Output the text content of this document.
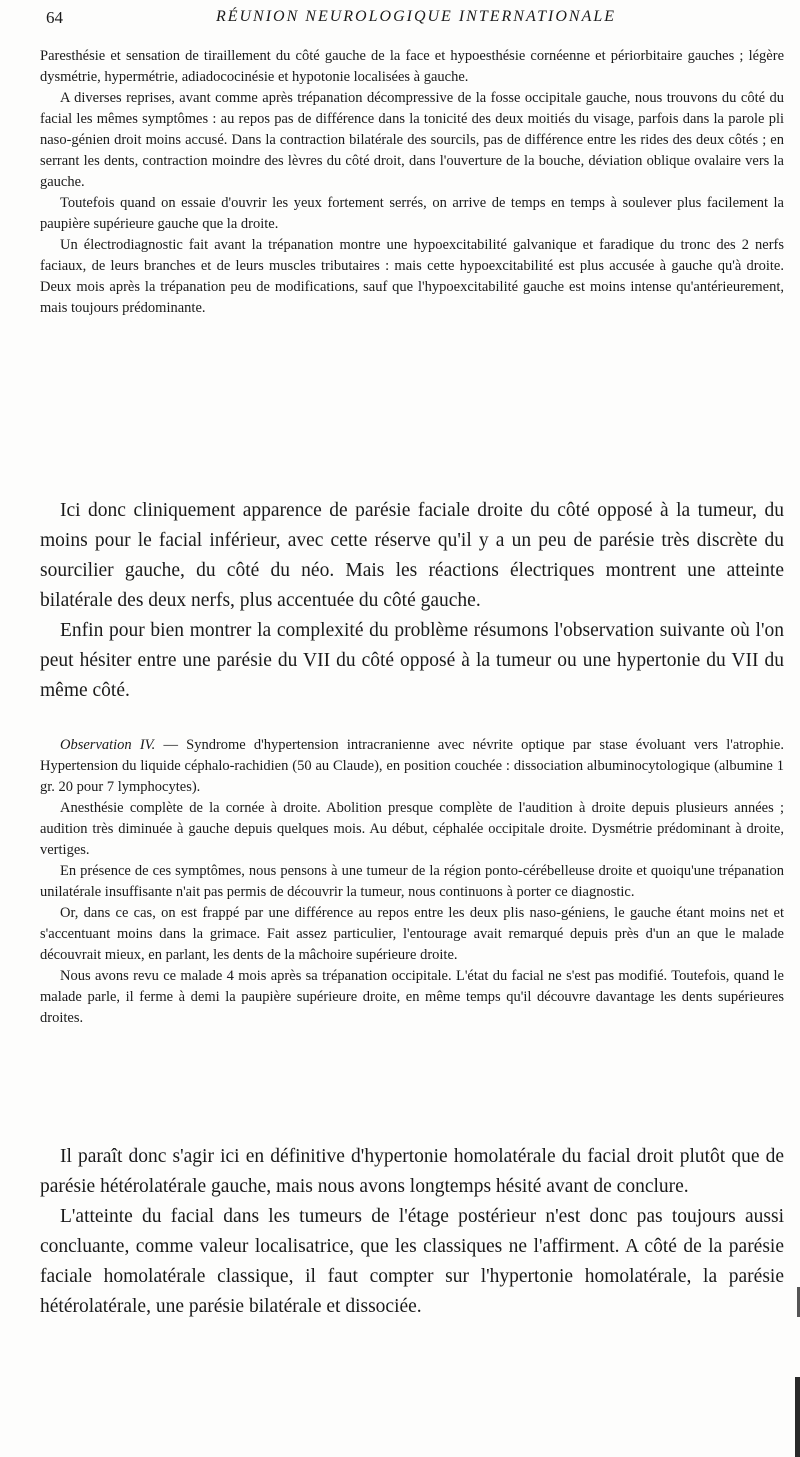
64	RÉUNION NEUROLOGIQUE INTERNATIONALE

Paresthésie et sensation de tiraillement du côté gauche de la face et hypoesthésie cornéenne et périorbitaire gauches ; légère dysmétrie, hypermétrie, adiadococinésie et hypotonie localisées à gauche.

A diverses reprises, avant comme après trépanation décompressive de la fosse occipitale gauche, nous trouvons du côté du facial les mêmes symptômes : au repos pas de différence dans la tonicité des deux moitiés du visage, parfois dans la parole pli naso-génien droit moins accusé. Dans la contraction bilatérale des sourcils, pas de différence entre les rides des deux côtés ; en serrant les dents, contraction moindre des lèvres du côté droit, dans l'ouverture de la bouche, déviation oblique ovalaire vers la gauche.

Toutefois quand on essaie d'ouvrir les yeux fortement serrés, on arrive de temps en temps à soulever plus facilement la paupière supérieure gauche que la droite.

Un électrodiagnostic fait avant la trépanation montre une hypoexcitabilité galvanique et faradique du tronc des 2 nerfs faciaux, de leurs branches et de leurs muscles tributaires : mais cette hypoexcitabilité est plus accusée à gauche qu'à droite. Deux mois après la trépanation peu de modifications, sauf que l'hypoexcitabilité gauche est moins intense qu'antérieurement, mais toujours prédominante.

Ici donc cliniquement apparence de parésie faciale droite du côté opposé à la tumeur, du moins pour le facial inférieur, avec cette réserve qu'il y a un peu de parésie très discrète du sourcilier gauche, du côté du néo. Mais les réactions électriques montrent une atteinte bilatérale des deux nerfs, plus accentuée du côté gauche.

Enfin pour bien montrer la complexité du problème résumons l'observation suivante où l'on peut hésiter entre une parésie du VII du côté opposé à la tumeur ou une hypertonie du VII du même côté.

Observation IV. — Syndrome d'hypertension intracranienne avec névrite optique par stase évoluant vers l'atrophie. Hypertension du liquide céphalo-rachidien (50 au Claude), en position couchée : dissociation albuminocytologique (albumine 1 gr. 20 pour 7 lymphocytes).

Anesthésie complète de la cornée à droite. Abolition presque complète de l'audition à droite depuis plusieurs années ; audition très diminuée à gauche depuis quelques mois. Au début, céphalée occipitale droite. Dysmétrie prédominant à droite, vertiges.

En présence de ces symptômes, nous pensons à une tumeur de la région ponto-cérébelleuse droite et quoiqu'une trépanation unilatérale insuffisante n'ait pas permis de découvrir la tumeur, nous continuons à porter ce diagnostic.

Or, dans ce cas, on est frappé par une différence au repos entre les deux plis naso-géniens, le gauche étant moins net et s'accentuant moins dans la grimace. Fait assez particulier, l'entourage avait remarqué depuis près d'un an que le malade découvrait mieux, en parlant, les dents de la mâchoire supérieure droite.

Nous avons revu ce malade 4 mois après sa trépanation occipitale. L'état du facial ne s'est pas modifié. Toutefois, quand le malade parle, il ferme à demi la paupière supérieure droite, en même temps qu'il découvre davantage les dents supérieures droites.

Il paraît donc s'agir ici en définitive d'hypertonie homolatérale du facial droit plutôt que de parésie hétérolatérale gauche, mais nous avons longtemps hésité avant de conclure.

L'atteinte du facial dans les tumeurs de l'étage postérieur n'est donc pas toujours aussi concluante, comme valeur localisatrice, que les classiques ne l'affirment. A côté de la parésie faciale homolatérale classique, il faut compter sur l'hypertonie homolatérale, la parésie hétérolatérale, une parésie bilatérale et dissociée.
